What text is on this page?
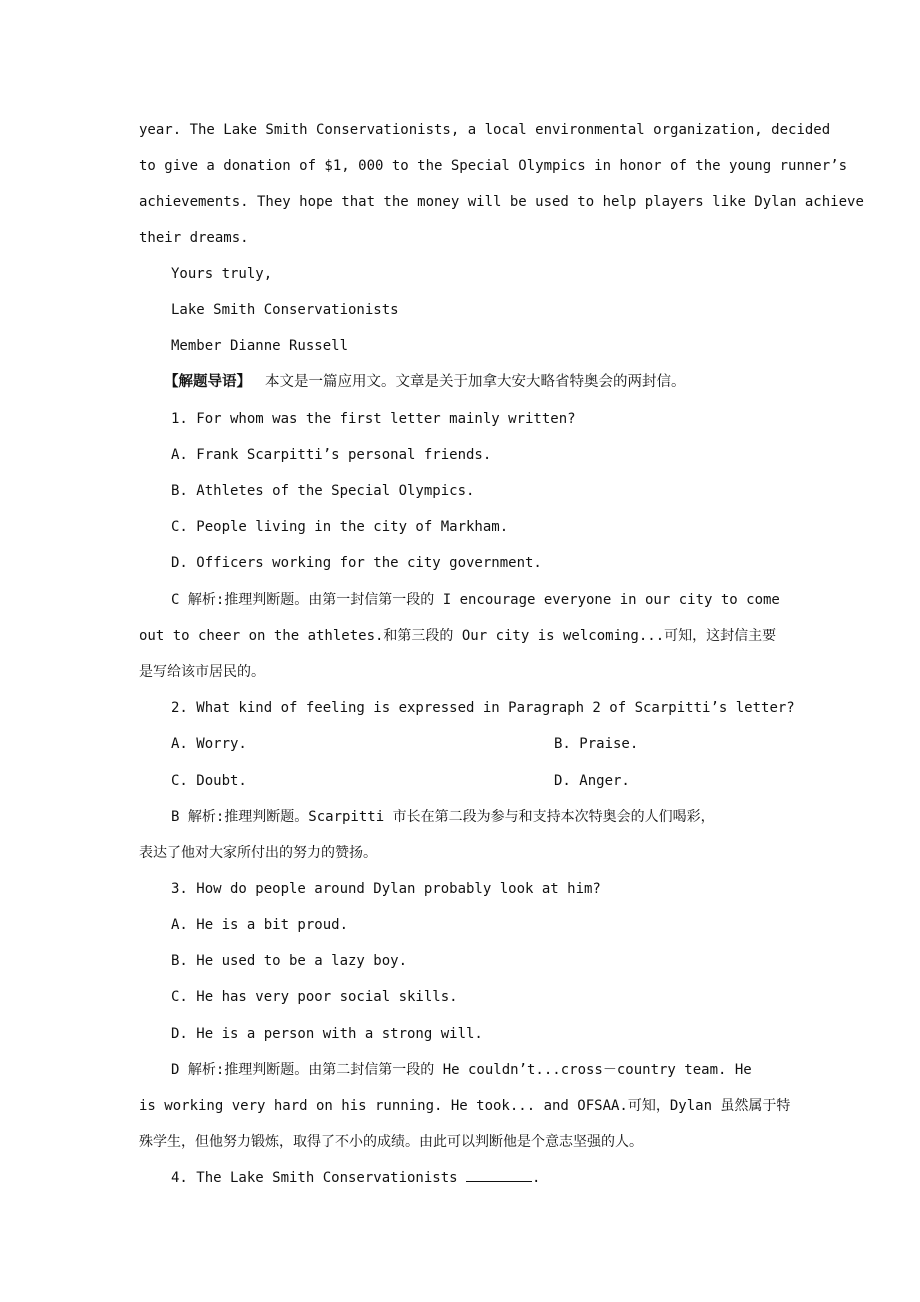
year. The Lake Smith Conservationists, a local environmental organization, decided
to give a donation of $1, 000 to the Special Olympics in honor of the young runner’s
achievements. They hope that the money will be used to help players like Dylan achieve
their dreams.
Yours truly,
Lake Smith Conservationists
Member Dianne Russell
【解题导语】 本文是一篇应用文。文章是关于加拿大安大略省特奥会的两封信。
1. For whom was the first letter mainly written?
A. Frank Scarpitti’s personal friends.
B. Athletes of the Special Olympics.
C. People living in the city of Markham.
D. Officers working for the city government.
C 解析:推理判断题。由第一封信第一段的 I encourage everyone in our city to come
out to cheer on the athletes.和第三段的 Our city is welcoming...可知，这封信主要
是写给该市居民的。
2. What kind of feeling is expressed in Paragraph 2 of Scarpitti’s letter?
A. Worry.	B. Praise.
C. Doubt.	D. Anger.
B 解析:推理判断题。Scarpitti 市长在第二段为参与和支持本次特奥会的人们喝彩，
表达了他对大家所付出的努力的赞扬。
3. How do people around Dylan probably look at him?
A. He is a bit proud.
B. He used to be a lazy boy.
C. He has very poor social skills.
D. He is a person with a strong will.
D 解析:推理判断题。由第二封信第一段的 He couldn’t...cross－country team. He
is working very hard on his running. He took... and OFSAA.可知，Dylan 虽然属于特
殊学生，但他努力锻炼，取得了不小的成绩。由此可以判断他是个意志坚强的人。
4. The Lake Smith Conservationists	.
